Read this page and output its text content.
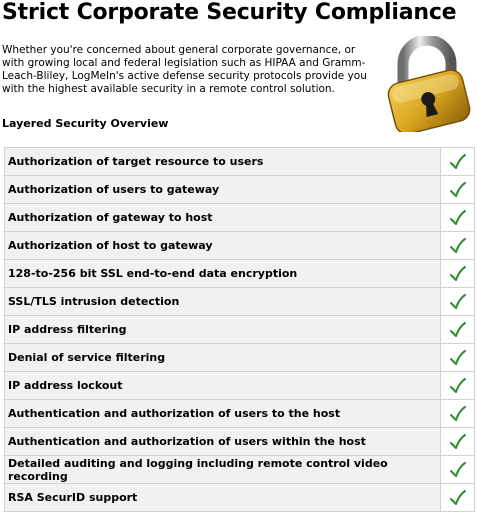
Strict Corporate Security Compliance
Whether you're concerned about general corporate governance, or with growing local and federal legislation such as HIPAA and Gramm-Leach-Bliley, LogMeIn's active defense security protocols provide you with the highest available security in a remote control solution.
Layered Security Overview
Authorization of target resource to users	

Authorization of users to gateway	

Authorization of gateway to host	

Authorization of host to gateway	

128-to-256 bit SSL end-to-end data encryption	

SSL/TLS intrusion detection	

IP address filtering	

Denial of service filtering	

IP address lockout	

Authentication and authorization of users to the host	

Authentication and authorization of users within the host	

Detailed auditing and logging including remote control video recording	

RSA SecurID support	
